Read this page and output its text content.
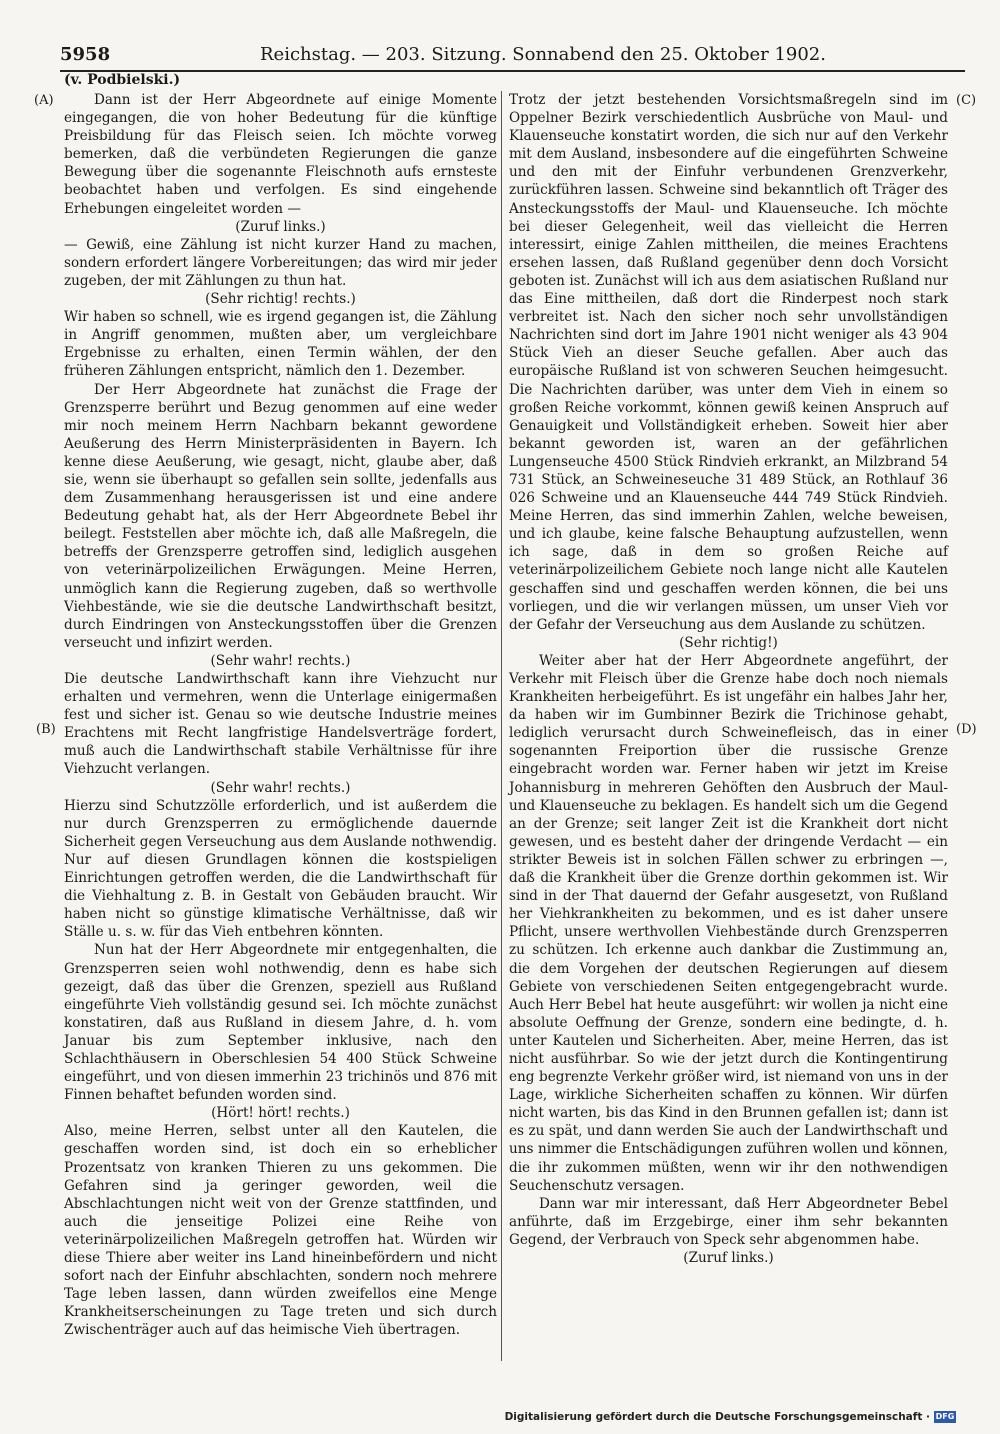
5958	Reichstag. — 203. Sitzung. Sonnabend den 25. Oktober 1902.
(v. Podbielski.)
(A)
(B)
(C)
(D)

Dann ist der Herr Abgeordnete auf einige Momente eingegangen, die von hoher Bedeutung für die künftige Preisbildung für das Fleisch seien. Ich möchte vorweg bemerken, daß die verbündeten Regierungen die ganze Bewegung über die sogenannte Fleischnoth aufs ernsteste beobachtet haben und verfolgen. Es sind eingehende Erhebungen eingeleitet worden —

(Zuruf links.)

— Gewiß, eine Zählung ist nicht kurzer Hand zu machen, sondern erfordert längere Vorbereitungen; das wird mir jeder zugeben, der mit Zählungen zu thun hat.

(Sehr richtig! rechts.)

Wir haben so schnell, wie es irgend gegangen ist, die Zählung in Angriff genommen, mußten aber, um vergleichbare Ergebnisse zu erhalten, einen Termin wählen, der den früheren Zählungen entspricht, nämlich den 1. Dezember.

Der Herr Abgeordnete hat zunächst die Frage der Grenzsperre berührt und Bezug genommen auf eine weder mir noch meinem Herrn Nachbarn bekannt gewordene Aeußerung des Herrn Ministerpräsidenten in Bayern. Ich kenne diese Aeußerung, wie gesagt, nicht, glaube aber, daß sie, wenn sie überhaupt so gefallen sein sollte, jedenfalls aus dem Zusammenhang herausgerissen ist und eine andere Bedeutung gehabt hat, als der Herr Abgeordnete Bebel ihr beilegt. Feststellen aber möchte ich, daß alle Maßregeln, die betreffs der Grenzsperre getroffen sind, lediglich ausgehen von veterinärpolizeilichen Erwägungen. Meine Herren, unmöglich kann die Regierung zugeben, daß so werthvolle Viehbestände, wie sie die deutsche Landwirthschaft besitzt, durch Eindringen von Ansteckungsstoffen über die Grenzen verseucht und infizirt werden.

(Sehr wahr! rechts.)

Die deutsche Landwirthschaft kann ihre Viehzucht nur erhalten und vermehren, wenn die Unterlage einigermaßen fest und sicher ist. Genau so wie deutsche Industrie meines Erachtens mit Recht langfristige Handelsverträge fordert, muß auch die Landwirthschaft stabile Verhältnisse für ihre Viehzucht verlangen.

(Sehr wahr! rechts.)

Hierzu sind Schutzzölle erforderlich, und ist außerdem die nur durch Grenzsperren zu ermöglichende dauernde Sicherheit gegen Verseuchung aus dem Auslande nothwendig. Nur auf diesen Grundlagen können die kostspieligen Einrichtungen getroffen werden, die die Landwirthschaft für die Viehhaltung z. B. in Gestalt von Gebäuden braucht. Wir haben nicht so günstige klimatische Verhältnisse, daß wir Ställe u. s. w. für das Vieh entbehren könnten.

Nun hat der Herr Abgeordnete mir entgegenhalten, die Grenzsperren seien wohl nothwendig, denn es habe sich gezeigt, daß das über die Grenzen, speziell aus Rußland eingeführte Vieh vollständig gesund sei. Ich möchte zunächst konstatiren, daß aus Rußland in diesem Jahre, d. h. vom Januar bis zum September inklusive, nach den Schlachthäusern in Oberschlesien 54 400 Stück Schweine eingeführt, und von diesen immerhin 23 trichinös und 876 mit Finnen behaftet befunden worden sind.

(Hört! hört! rechts.)

Also, meine Herren, selbst unter all den Kautelen, die geschaffen worden sind, ist doch ein so erheblicher Prozentsatz von kranken Thieren zu uns gekommen. Die Gefahren sind ja geringer geworden, weil die Abschlachtungen nicht weit von der Grenze stattfinden, und auch die jenseitige Polizei eine Reihe von veterinärpolizeilichen Maßregeln getroffen hat. Würden wir diese Thiere aber weiter ins Land hineinbefördern und nicht sofort nach der Einfuhr abschlachten, sondern noch mehrere Tage leben lassen, dann würden zweifellos eine Menge Krankheitserscheinungen zu Tage treten und sich durch Zwischenträger auch auf das heimische Vieh übertragen.

Trotz der jetzt bestehenden Vorsichtsmaßregeln sind im Oppelner Bezirk verschiedentlich Ausbrüche von Maul- und Klauenseuche konstatirt worden, die sich nur auf den Verkehr mit dem Ausland, insbesondere auf die eingeführten Schweine und den mit der Einfuhr verbundenen Grenzverkehr, zurückführen lassen. Schweine sind bekanntlich oft Träger des Ansteckungsstoffs der Maul- und Klauenseuche. Ich möchte bei dieser Gelegenheit, weil das vielleicht die Herren interessirt, einige Zahlen mittheilen, die meines Erachtens ersehen lassen, daß Rußland gegenüber denn doch Vorsicht geboten ist. Zunächst will ich aus dem asiatischen Rußland nur das Eine mittheilen, daß dort die Rinderpest noch stark verbreitet ist. Nach den sicher noch sehr unvollständigen Nachrichten sind dort im Jahre 1901 nicht weniger als 43 904 Stück Vieh an dieser Seuche gefallen. Aber auch das europäische Rußland ist von schweren Seuchen heimgesucht. Die Nachrichten darüber, was unter dem Vieh in einem so großen Reiche vorkommt, können gewiß keinen Anspruch auf Genauigkeit und Vollständigkeit erheben. Soweit hier aber bekannt geworden ist, waren an der gefährlichen Lungenseuche 4500 Stück Rindvieh erkrankt, an Milzbrand 54 731 Stück, an Schweineseuche 31 489 Stück, an Rothlauf 36 026 Schweine und an Klauenseuche 444 749 Stück Rindvieh. Meine Herren, das sind immerhin Zahlen, welche beweisen, und ich glaube, keine falsche Behauptung aufzustellen, wenn ich sage, daß in dem so großen Reiche auf veterinärpolizeilichem Gebiete noch lange nicht alle Kautelen geschaffen sind und geschaffen werden können, die bei uns vorliegen, und die wir verlangen müssen, um unser Vieh vor der Gefahr der Verseuchung aus dem Auslande zu schützen.

(Sehr richtig!)

Weiter aber hat der Herr Abgeordnete angeführt, der Verkehr mit Fleisch über die Grenze habe doch noch niemals Krankheiten herbeigeführt. Es ist ungefähr ein halbes Jahr her, da haben wir im Gumbinner Bezirk die Trichinose gehabt, lediglich verursacht durch Schweinefleisch, das in einer sogenannten Freiportion über die russische Grenze eingebracht worden war. Ferner haben wir jetzt im Kreise Johannisburg in mehreren Gehöften den Ausbruch der Maul- und Klauenseuche zu beklagen. Es handelt sich um die Gegend an der Grenze; seit langer Zeit ist die Krankheit dort nicht gewesen, und es besteht daher der dringende Verdacht — ein strikter Beweis ist in solchen Fällen schwer zu erbringen —, daß die Krankheit über die Grenze dorthin gekommen ist. Wir sind in der That dauernd der Gefahr ausgesetzt, von Rußland her Viehkrankheiten zu bekommen, und es ist daher unsere Pflicht, unsere werthvollen Viehbestände durch Grenzsperren zu schützen. Ich erkenne auch dankbar die Zustimmung an, die dem Vorgehen der deutschen Regierungen auf diesem Gebiete von verschiedenen Seiten entgegengebracht wurde. Auch Herr Bebel hat heute ausgeführt: wir wollen ja nicht eine absolute Oeffnung der Grenze, sondern eine bedingte, d. h. unter Kautelen und Sicherheiten. Aber, meine Herren, das ist nicht ausführbar. So wie der jetzt durch die Kontingentirung eng begrenzte Verkehr größer wird, ist niemand von uns in der Lage, wirkliche Sicherheiten schaffen zu können. Wir dürfen nicht warten, bis das Kind in den Brunnen gefallen ist; dann ist es zu spät, und dann werden Sie auch der Landwirthschaft und uns nimmer die Entschädigungen zuführen wollen und können, die ihr zukommen müßten, wenn wir ihr den nothwendigen Seuchenschutz versagen.

Dann war mir interessant, daß Herr Abgeordneter Bebel anführte, daß im Erzgebirge, einer ihm sehr bekannten Gegend, der Verbrauch von Speck sehr abgenommen habe.

(Zuruf links.)

Digitalisierung gefördert durch die Deutsche Forschungsgemeinschaft · DFG
